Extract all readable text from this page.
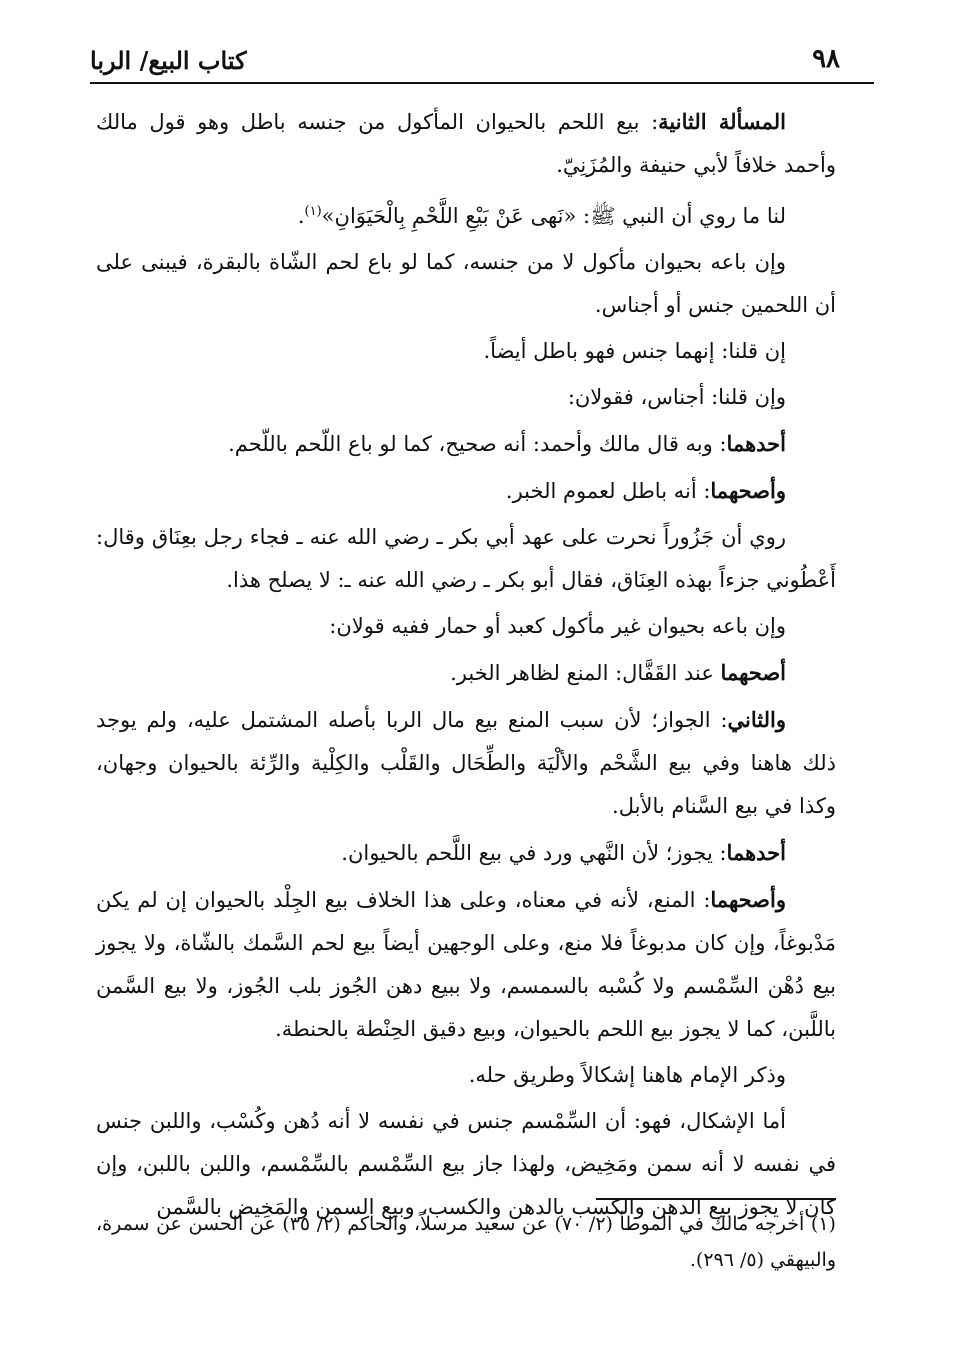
٩٨
كتاب البيع/ الربا

المسألة الثانية: بيع اللحم بالحيوان المأكول من جنسه باطل وهو قول مالك وأحمد خلافاً لأبي حنيفة والمُزَنِيّ.

لنا ما روي أن النبي ﷺ: «نَهى عَنْ بَيْعِ اللَّحْمِ بِالْحَيَوَانِ»$^{(١)}$.

وإن باعه بحيوان مأكول لا من جنسه، كما لو باع لحم الشّاة بالبقرة، فيبنى على أن اللحمين جنس أو أجناس.

إن قلنا: إنهما جنس فهو باطل أيضاً.

وإن قلنا: أجناس، فقولان:

أحدهما: وبه قال مالك وأحمد: أنه صحيح، كما لو باع اللّحم باللّحم.

وأصحهما: أنه باطل لعموم الخبر.

روي أن جَزُوراً نحرت على عهد أبي بكر ـ رضي الله عنه ـ فجاء رجل بعِنَاق وقال: أَعْطُوني جزءاً بهذه العِنَاق، فقال أبو بكر ـ رضي الله عنه ـ: لا يصلح هذا.

وإن باعه بحيوان غير مأكول كعبد أو حمار ففيه قولان:

أصحهما عند القَفَّال: المنع لظاهر الخبر.

والثاني: الجواز؛ لأن سبب المنع بيع مال الربا بأصله المشتمل عليه، ولم يوجد ذلك هاهنا وفي بيع الشَّحْم والألْيَة والطِّحَال والقَلْب والكِلْية والرِّئة بالحيوان وجهان، وكذا في بيع السَّنام بالأبل.

أحدهما: يجوز؛ لأن النَّهي ورد في بيع اللَّحم بالحيوان.

وأصحهما: المنع، لأنه في معناه، وعلى هذا الخلاف بيع الجِلْد بالحيوان إن لم يكن مَدْبوغاً، وإن كان مدبوغاً فلا منع، وعلى الوجهين أيضاً بيع لحم السَّمك بالشّاة، ولا يجوز بيع دُهْن السِّمْسم ولا كُسْبه بالسمسم، ولا ببيع دهن الجُوز بلب الجُوز، ولا بيع السَّمن باللَّبن، كما لا يجوز بيع اللحم بالحيوان، وبيع دقيق الحِنْطة بالحنطة.

وذكر الإمام هاهنا إشكالاً وطريق حله.

أما الإشكال، فهو: أن السِّمْسم جنس في نفسه لا أنه دُهن وكُسْب، واللبن جنس في نفسه لا أنه سمن ومَخِيض، ولهذا جاز بيع السِّمْسم بالسِّمْسم، واللبن باللبن، وإن كان لا يجوز بيع الدهن والكسب بالدهن والكسب، وبيع السمن والمَخِيض بالسَّمن

(١) أخرجه مالك في الموطأ (٢/ ٧٠) عن سعيد مرسلاً، والحاكم (٢/ ٣٥) عن الحسن عن سمرة، والبيهقي (٥/ ٢٩٦).
